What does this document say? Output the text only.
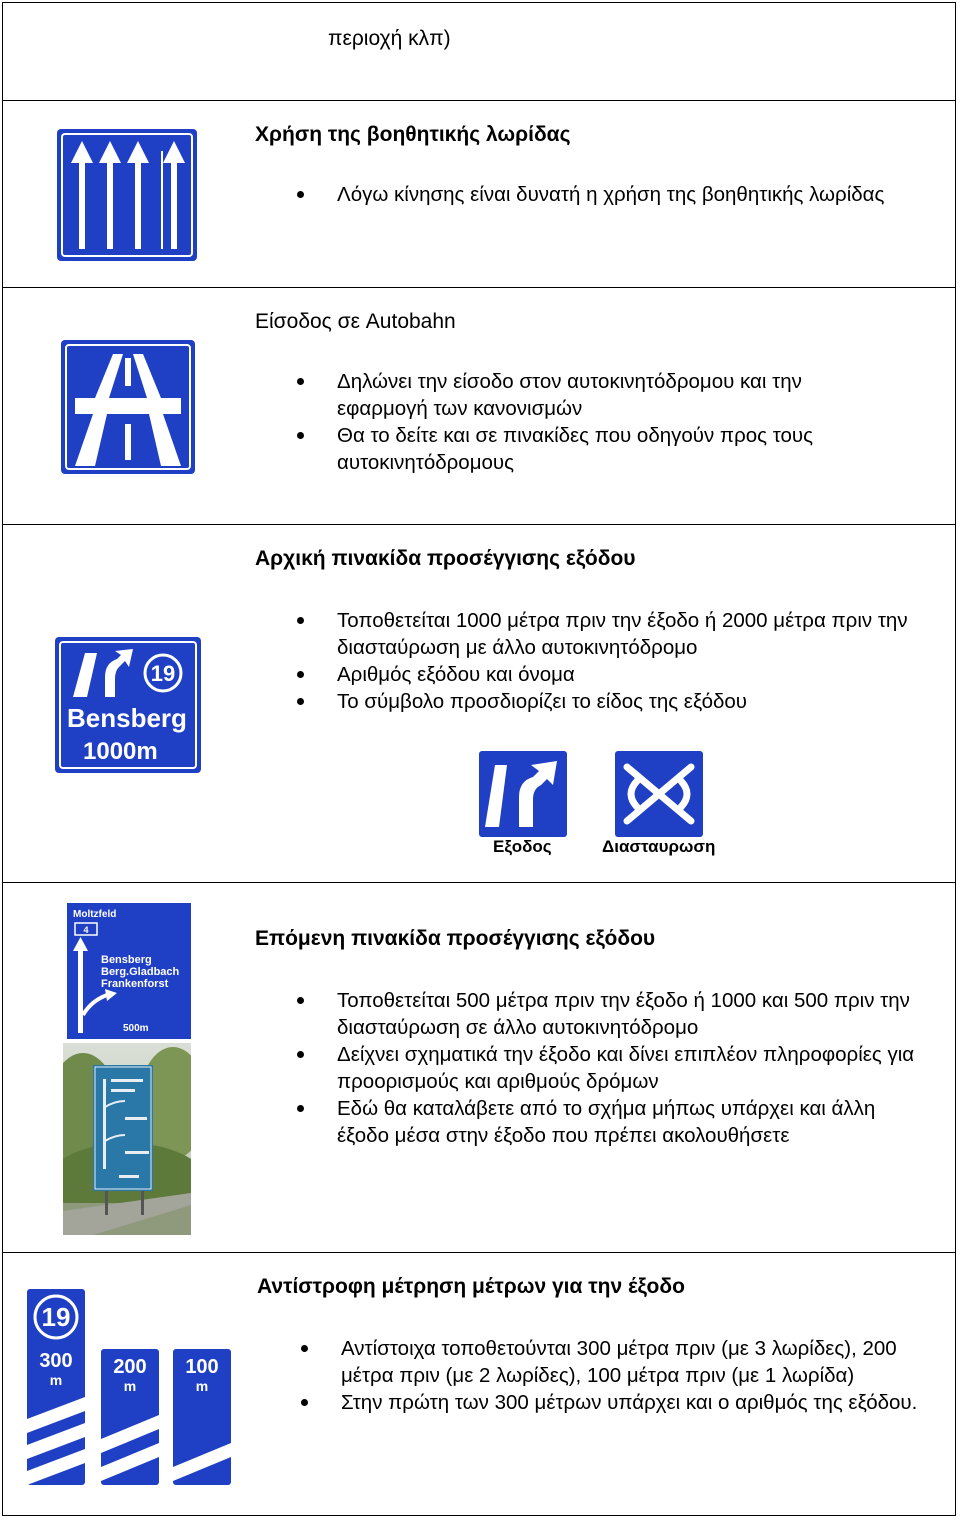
περιοχή κλπ)
Χρήση της βοηθητικής λωρίδας
Λόγω κίνησης είναι δυνατή η χρήση της βοηθητικής λωρίδας
Είσοδος σε Autobahn
Δηλώνει την είσοδο στον αυτοκινητόδρομου και την εφαρμογή των κανονισμών
Θα το δείτε και σε πινακίδες που οδηγούν προς τους αυτοκινητόδρομους
19
Bensberg
1000m
Αρχική πινακίδα προσέγγισης εξόδου
Τοποθετείται 1000 μέτρα πριν την έξοδο ή 2000 μέτρα πριν την διασταύρωση με άλλο αυτοκινητόδρομο
Αριθμός εξόδου και όνομα
Το σύμβολο προσδιορίζει το είδος της εξόδου
Εξοδος	Διασταυρωση
Moltzfeld
4
Bensberg
Berg.Gladbach
Frankenforst
500m
Επόμενη πινακίδα προσέγγισης εξόδου
Τοποθετείται 500 μέτρα πριν την έξοδο ή 1000 και 500 πριν την διασταύρωση σε άλλο αυτοκινητόδρομο
Δείχνει σχηματικά την έξοδο και δίνει επιπλέον πληροφορίες για προορισμούς και αριθμούς δρόμων
Εδώ θα καταλάβετε από το σχήμα μήπως υπάρχει και άλλη έξοδο μέσα στην έξοδο που πρέπει ακολουθήσετε
19
300
m
200
m
100
m
Αντίστροφη μέτρηση μέτρων για την έξοδο
Αντίστοιχα τοποθετούνται 300 μέτρα πριν (με 3 λωρίδες), 200 μέτρα πριν (με 2 λωρίδες), 100 μέτρα πριν (με 1 λωρίδα)
Στην πρώτη των 300 μέτρων υπάρχει και ο αριθμός της εξόδου.
